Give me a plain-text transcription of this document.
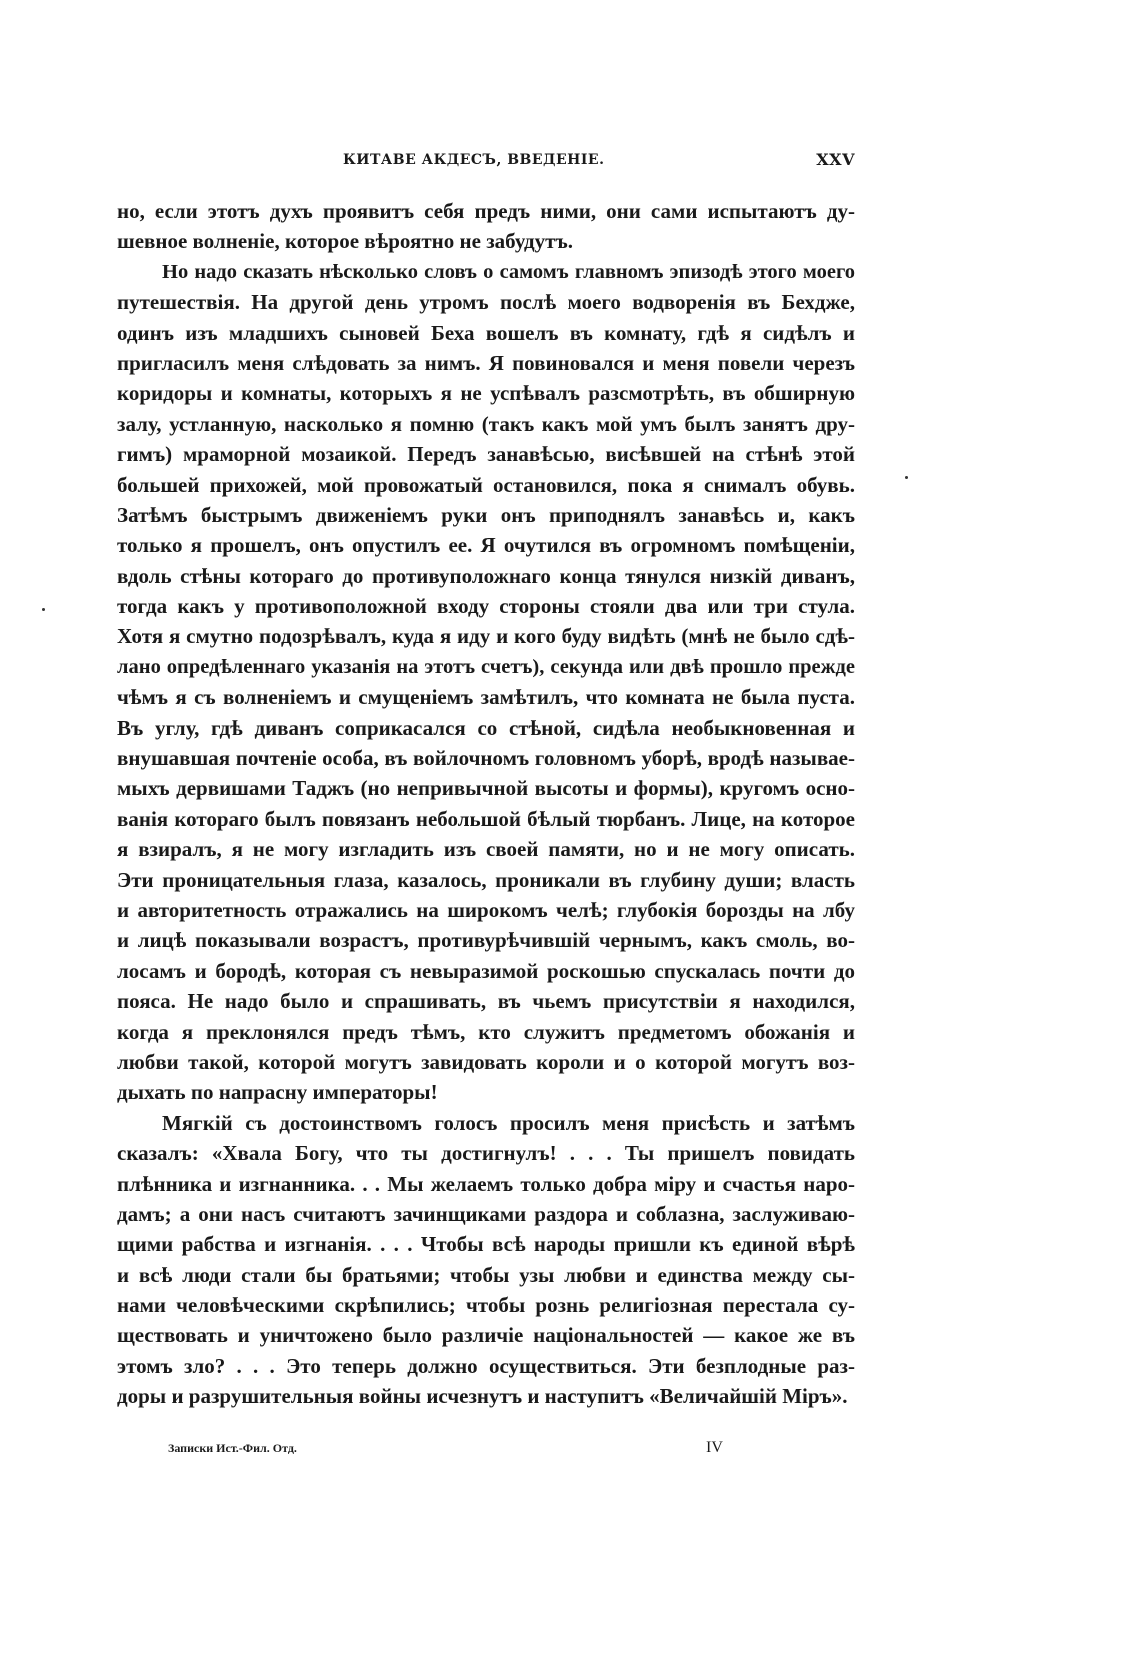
КИТАВЕ АКДЕСЪ, ВВЕДЕНІЕ.	XXV
но, если этотъ духъ проявитъ себя предъ ними, они сами испытаютъ ду-
шевное волненіе, которое вѣроятно не забудутъ.
Но надо сказать нѣсколько словъ о самомъ главномъ эпизодѣ этого моего
путешествія. На другой день утромъ послѣ моего водворенія въ Бехдже,
одинъ изъ младшихъ сыновей Беха вошелъ въ комнату, гдѣ я сидѣлъ и
пригласилъ меня слѣдовать за нимъ. Я повиновался и меня повели черезъ
коридоры и комнаты, которыхъ я не успѣвалъ разсмотрѣть, въ обширную
залу, устланную, насколько я помню (такъ какъ мой умъ былъ занятъ дру-
гимъ) мраморной мозаикой. Передъ занавѣсью, висѣвшей на стѣнѣ этой
большей прихожей, мой провожатый остановился, пока я снималъ обувь.
Затѣмъ быстрымъ движеніемъ руки онъ приподнялъ занавѣсь и, какъ
только я прошелъ, онъ опустилъ ее. Я очутился въ огромномъ помѣщеніи,
вдоль стѣны котораго до противуположнаго конца тянулся низкій диванъ,
тогда какъ у противоположной входу стороны стояли два или три стула.
Хотя я смутно подозрѣвалъ, куда я иду и кого буду видѣть (мнѣ не было сдѣ-
лано опредѣленнаго указанія на этотъ счетъ), секунда или двѣ прошло прежде
чѣмъ я съ волненіемъ и смущеніемъ замѣтилъ, что комната не была пуста.
Въ углу, гдѣ диванъ соприкасался со стѣной, сидѣла необыкновенная и
внушавшая почтеніе особа, въ войлочномъ головномъ уборѣ, вродѣ называе-
мыхъ дервишами Таджъ (но непривычной высоты и формы), кругомъ осно-
ванія котораго былъ повязанъ небольшой бѣлый тюрбанъ. Лице, на которое
я взиралъ, я не могу изгладить изъ своей памяти, но и не могу описать.
Эти проницательныя глаза, казалось, проникали въ глубину души; власть
и авторитетность отражались на широкомъ челѣ; глубокія борозды на лбу
и лицѣ показывали возрастъ, противурѣчившій чернымъ, какъ смоль, во-
лосамъ и бородѣ, которая съ невыразимой роскошью спускалась почти до
пояса. Не надо было и спрашивать, въ чьемъ присутствіи я находился,
когда я преклонялся предъ тѣмъ, кто служитъ предметомъ обожанія и
любви такой, которой могутъ завидовать короли и о которой могутъ воз-
дыхать по напрасну императоры!
Мягкій съ достоинствомъ голосъ просилъ меня присѣсть и затѣмъ
сказалъ: «Хвала Богу, что ты достигнулъ! . . . Ты пришелъ повидать
плѣнника и изгнанника. . . Мы желаемъ только добра міру и счастья наро-
дамъ; а они насъ считаютъ зачинщиками раздора и соблазна, заслуживаю-
щими рабства и изгнанія. . . . Чтобы всѣ народы пришли къ единой вѣрѣ
и всѣ люди стали бы братьями; чтобы узы любви и единства между сы-
нами человѣческими скрѣпились; чтобы рознь религіозная перестала су-
ществовать и уничтожено было различіе національностей — какое же въ
этомъ зло? . . . Это теперь должно осуществиться. Эти безплодные раз-
доры и разрушительныя войны исчезнутъ и наступитъ «Величайшій Міръ».
Записки Ист.-Фил. Отд.	IV
